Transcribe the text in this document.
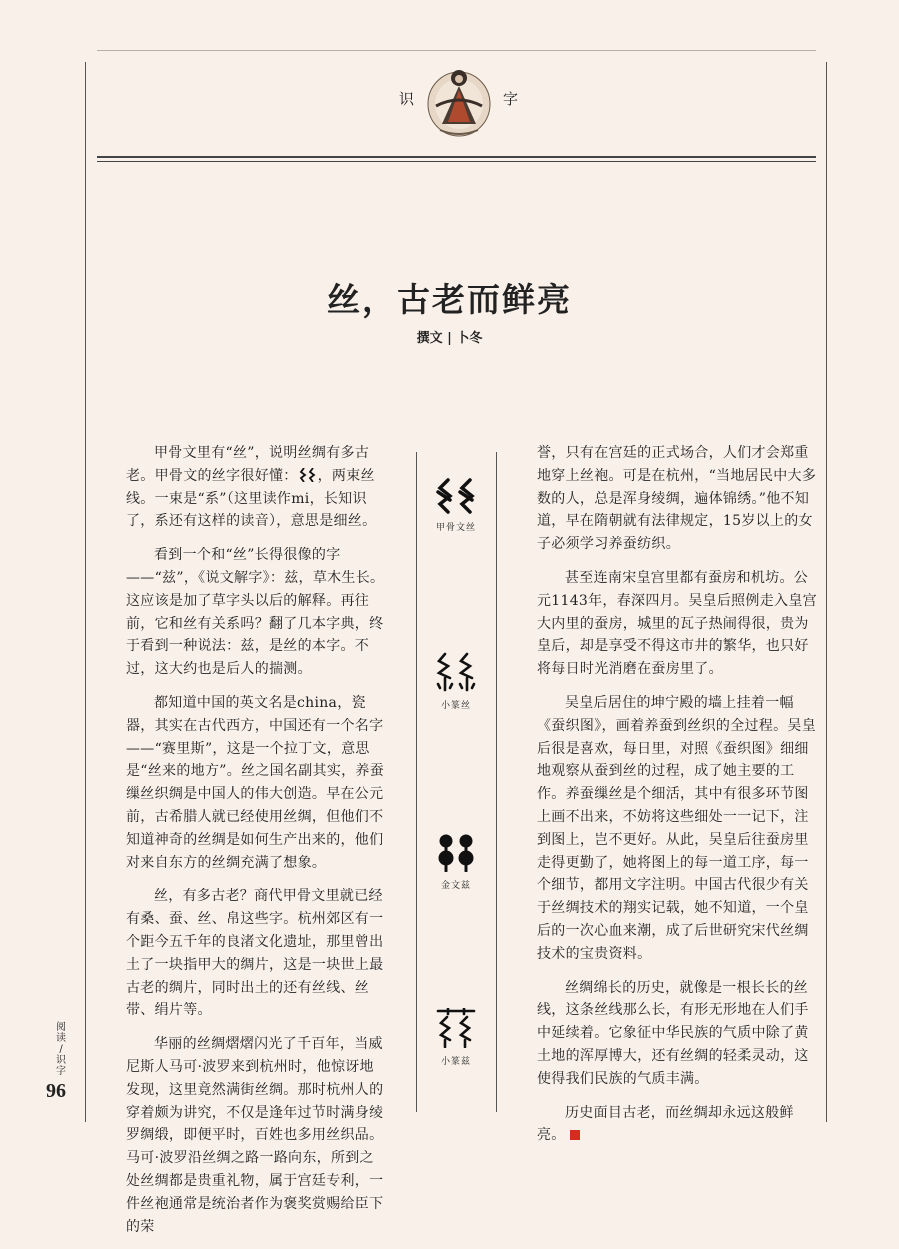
识	字
丝，古老而鲜亮
撰文 | 卜冬

甲骨文里有“丝”，说明丝绸有多古老。甲骨文的丝字很好懂： ，两束丝线。一束是“系”（这里读作mi，长知识了，系还有这样的读音），意思是细丝。

看到一个和“丝”长得很像的字——“兹”，《说文解字》：兹，草木生长。这应该是加了草字头以后的解释。再往前，它和丝有关系吗？翻了几本字典，终于看到一种说法：兹，是丝的本字。不过，这大约也是后人的揣测。

都知道中国的英文名是china，瓷器，其实在古代西方，中国还有一个名字——“赛里斯”，这是一个拉丁文，意思是“丝来的地方”。丝之国名副其实，养蚕缫丝织绸是中国人的伟大创造。早在公元前，古希腊人就已经使用丝绸，但他们不知道神奇的丝绸是如何生产出来的，他们对来自东方的丝绸充满了想象。

丝，有多古老？商代甲骨文里就已经有桑、蚕、丝、帛这些字。杭州郊区有一个距今五千年的良渚文化遗址，那里曾出土了一块指甲大的绸片，这是一块世上最古老的绸片，同时出土的还有丝线、丝带、绢片等。

华丽的丝绸熠熠闪光了千百年，当威尼斯人马可·波罗来到杭州时，他惊讶地发现，这里竟然满街丝绸。那时杭州人的穿着颇为讲究，不仅是逢年过节时满身绫罗绸缎，即便平时，百姓也多用丝织品。马可·波罗沿丝绸之路一路向东，所到之处丝绸都是贵重礼物，属于宫廷专利，一件丝袍通常是统治者作为褒奖赏赐给臣下的荣

甲骨文丝
小篆丝
金文兹
小篆兹

誉，只有在宫廷的正式场合，人们才会郑重地穿上丝袍。可是在杭州，“当地居民中大多数的人，总是浑身绫绸，遍体锦绣。”他不知道，早在隋朝就有法律规定，15岁以上的女子必须学习养蚕纺织。

甚至连南宋皇宫里都有蚕房和机坊。公元1143年，春深四月。吴皇后照例走入皇宫大内里的蚕房，城里的瓦子热闹得很，贵为皇后，却是享受不得这市井的繁华，也只好将每日时光消磨在蚕房里了。

吴皇后居住的坤宁殿的墙上挂着一幅《蚕织图》，画着养蚕到丝织的全过程。吴皇后很是喜欢，每日里，对照《蚕织图》细细地观察从蚕到丝的过程，成了她主要的工作。养蚕缫丝是个细活，其中有很多环节图上画不出来，不妨将这些细处一一记下，注到图上，岂不更好。从此，吴皇后往蚕房里走得更勤了，她将图上的每一道工序，每一个细节，都用文字注明。中国古代很少有关于丝绸技术的翔实记载，她不知道，一个皇后的一次心血来潮，成了后世研究宋代丝绸技术的宝贵资料。

丝绸绵长的历史，就像是一根长长的丝线，这条丝线那么长，有形无形地在人们手中延续着。它象征中华民族的气质中除了黄土地的浑厚博大，还有丝绸的轻柔灵动，这使得我们民族的气质丰满。

历史面目古老，而丝绸却永远这般鲜亮。

阅读
/
识字
96
